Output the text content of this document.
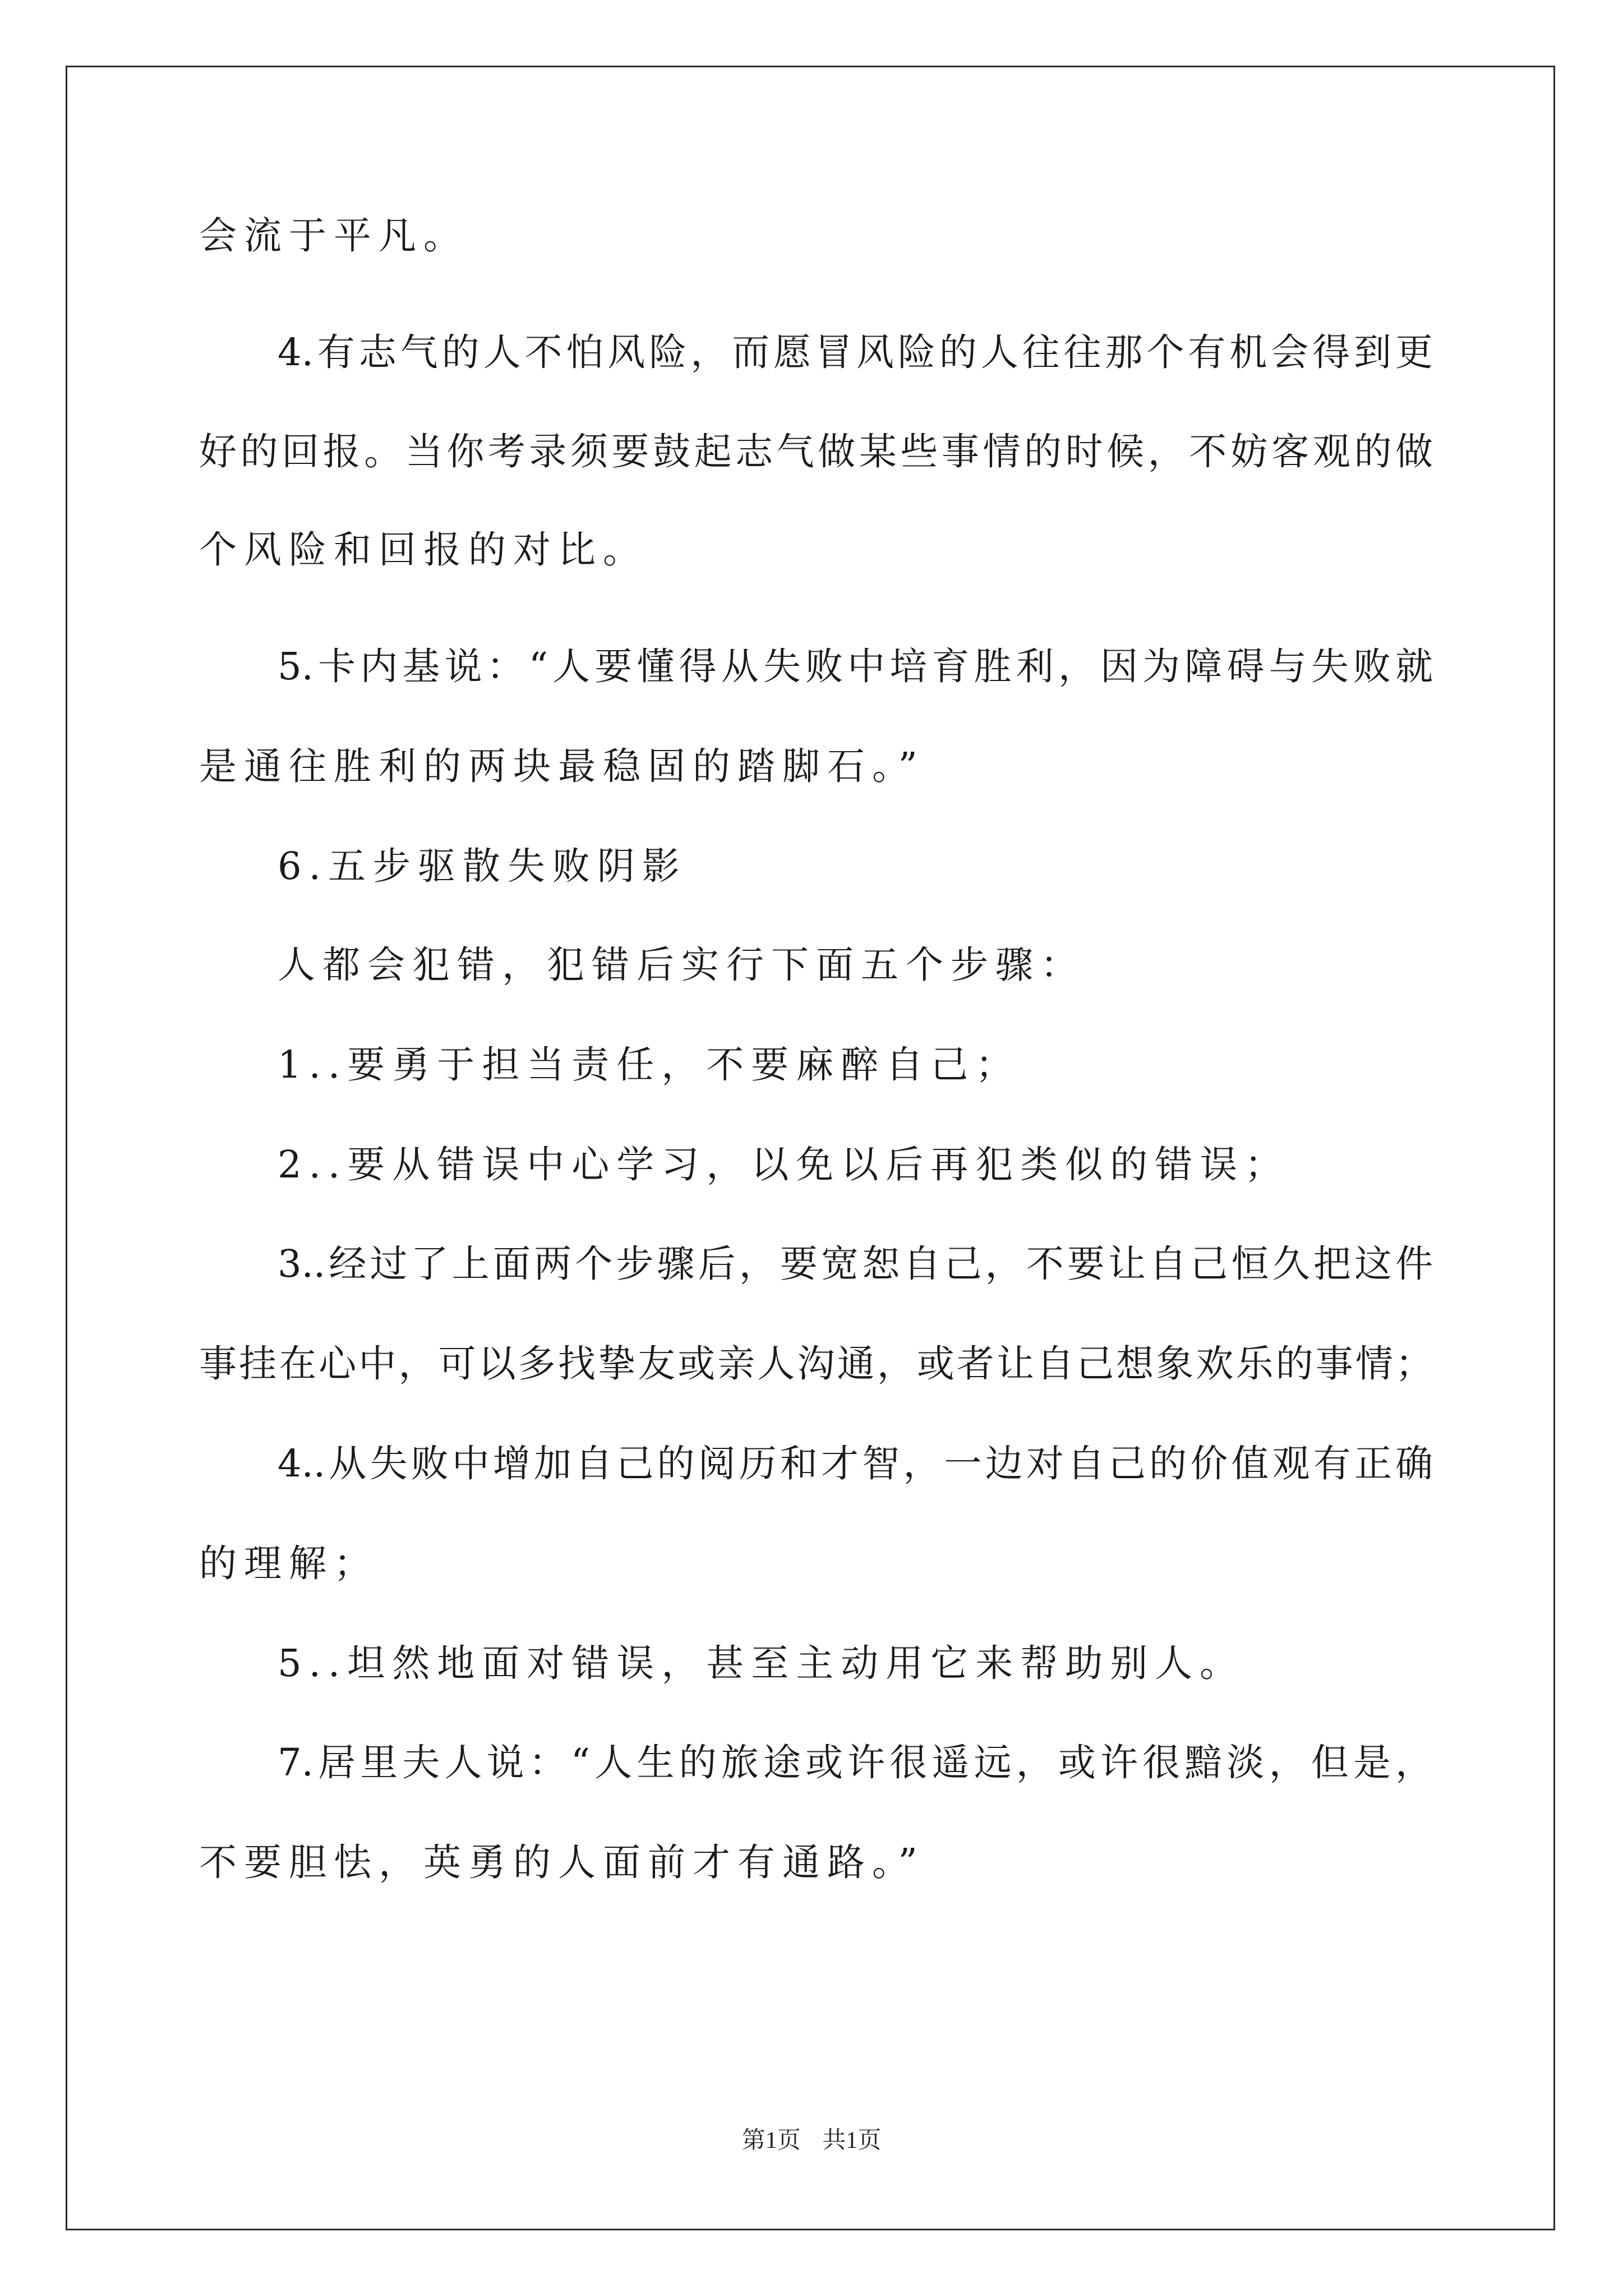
会流于平凡。
4.有志气的人不怕风险，而愿冒风险的人往往那个有机会得到更
好的回报。当你考录须要鼓起志气做某些事情的时候，不妨客观的做
个风险和回报的对比。
5.卡内基说：“人要懂得从失败中培育胜利，因为障碍与失败就
是通往胜利的两块最稳固的踏脚石。”
6.五步驱散失败阴影
人都会犯错，犯错后实行下面五个步骤：
1..要勇于担当责任，不要麻醉自己；
2..要从错误中心学习，以免以后再犯类似的错误；
3..经过了上面两个步骤后，要宽恕自己，不要让自己恒久把这件
事挂在心中，可以多找挚友或亲人沟通，或者让自己想象欢乐的事情；
4..从失败中增加自己的阅历和才智，一边对自己的价值观有正确
的理解；
5..坦然地面对错误，甚至主动用它来帮助别人。
7.居里夫人说：“人生的旅途或许很遥远，或许很黯淡，但是，
不要胆怯，英勇的人面前才有通路。”
第1页 共1页
